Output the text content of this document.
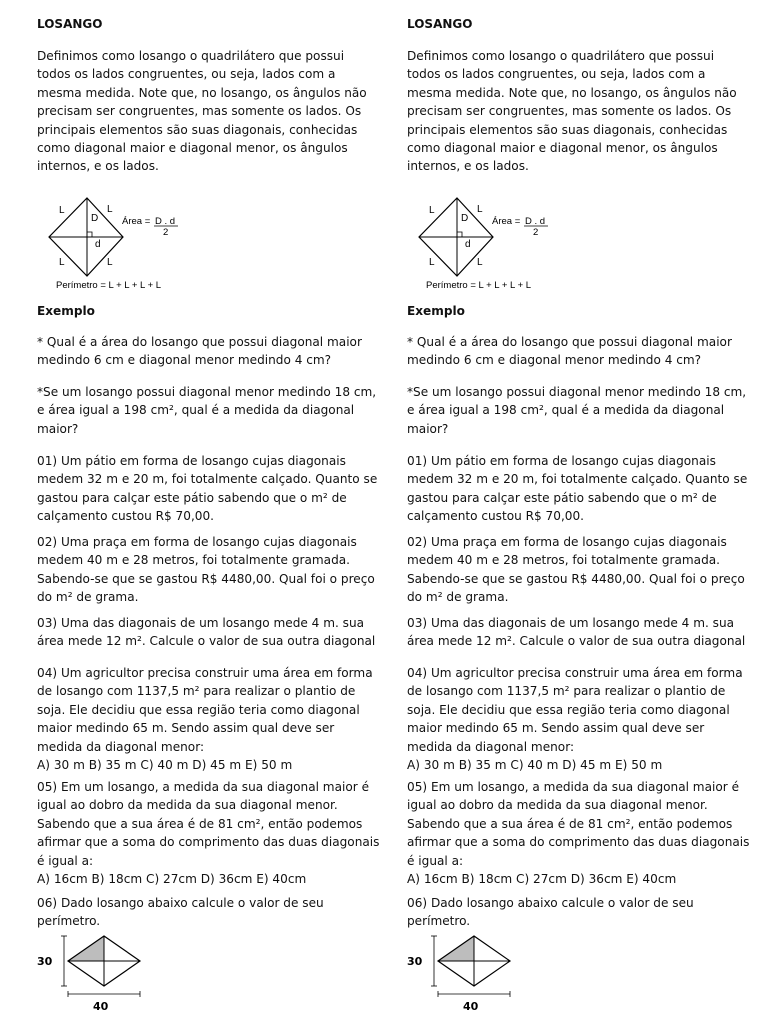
LOSANGO

Definimos como losango o quadrilátero que possui

todos os lados congruentes, ou seja, lados com a

mesma medida. Note que, no losango, os ângulos não

precisam ser congruentes, mas somente os lados. Os

principais elementos são suas diagonais, conhecidas

como diagonal maior e diagonal menor, os ângulos

internos, e os lados.

L	L
L	L
D
d
Área = D . d
2
Perímetro = L + L + L + L
Exemplo
* Qual é a área do losango que possui diagonal maior
medindo 6 cm e diagonal menor medindo 4 cm?
*Se um losango possui diagonal menor medindo 18 cm,
e área igual a 198 cm², qual é a medida da diagonal
maior?
01) Um pátio em forma de losango cujas diagonais
medem 32 m e 20 m, foi totalmente calçado. Quanto se
gastou para calçar este pátio sabendo que o m² de
calçamento custou R$ 70,00.
02) Uma praça em forma de losango cujas diagonais
medem 40 m e 28 metros, foi totalmente gramada.
Sabendo-se que se gastou R$ 4480,00. Qual foi o preço
do m² de grama.
03) Uma das diagonais de um losango mede 4 m. sua
área mede 12 m². Calcule o valor de sua outra diagonal
04) Um agricultor precisa construir uma área em forma
de losango com 1137,5 m² para realizar o plantio de
soja. Ele decidiu que essa região teria como diagonal
maior medindo 65 m. Sendo assim qual deve ser
medida da diagonal menor:
A) 30 m B) 35 m C) 40 m D) 45 m E) 50 m
05) Em um losango, a medida da sua diagonal maior é
igual ao dobro da medida da sua diagonal menor.
Sabendo que a sua área é de 81 cm², então podemos
afirmar que a soma do comprimento das duas diagonais
é igual a:
A) 16cm B) 18cm C) 27cm D) 36cm E) 40cm
06) Dado losango abaixo calcule o valor de seu
perímetro.
30
40
LOSANGO

Definimos como losango o quadrilátero que possui

todos os lados congruentes, ou seja, lados com a

mesma medida. Note que, no losango, os ângulos não

precisam ser congruentes, mas somente os lados. Os

principais elementos são suas diagonais, conhecidas

como diagonal maior e diagonal menor, os ângulos

internos, e os lados.

L	L
L	L
D
d
Área = D . d
2
Perímetro = L + L + L + L
Exemplo
* Qual é a área do losango que possui diagonal maior
medindo 6 cm e diagonal menor medindo 4 cm?
*Se um losango possui diagonal menor medindo 18 cm,
e área igual a 198 cm², qual é a medida da diagonal
maior?
01) Um pátio em forma de losango cujas diagonais
medem 32 m e 20 m, foi totalmente calçado. Quanto se
gastou para calçar este pátio sabendo que o m² de
calçamento custou R$ 70,00.
02) Uma praça em forma de losango cujas diagonais
medem 40 m e 28 metros, foi totalmente gramada.
Sabendo-se que se gastou R$ 4480,00. Qual foi o preço
do m² de grama.
03) Uma das diagonais de um losango mede 4 m. sua
área mede 12 m². Calcule o valor de sua outra diagonal
04) Um agricultor precisa construir uma área em forma
de losango com 1137,5 m² para realizar o plantio de
soja. Ele decidiu que essa região teria como diagonal
maior medindo 65 m. Sendo assim qual deve ser
medida da diagonal menor:
A) 30 m B) 35 m C) 40 m D) 45 m E) 50 m
05) Em um losango, a medida da sua diagonal maior é
igual ao dobro da medida da sua diagonal menor.
Sabendo que a sua área é de 81 cm², então podemos
afirmar que a soma do comprimento das duas diagonais
é igual a:
A) 16cm B) 18cm C) 27cm D) 36cm E) 40cm
06) Dado losango abaixo calcule o valor de seu
perímetro.
30
40
